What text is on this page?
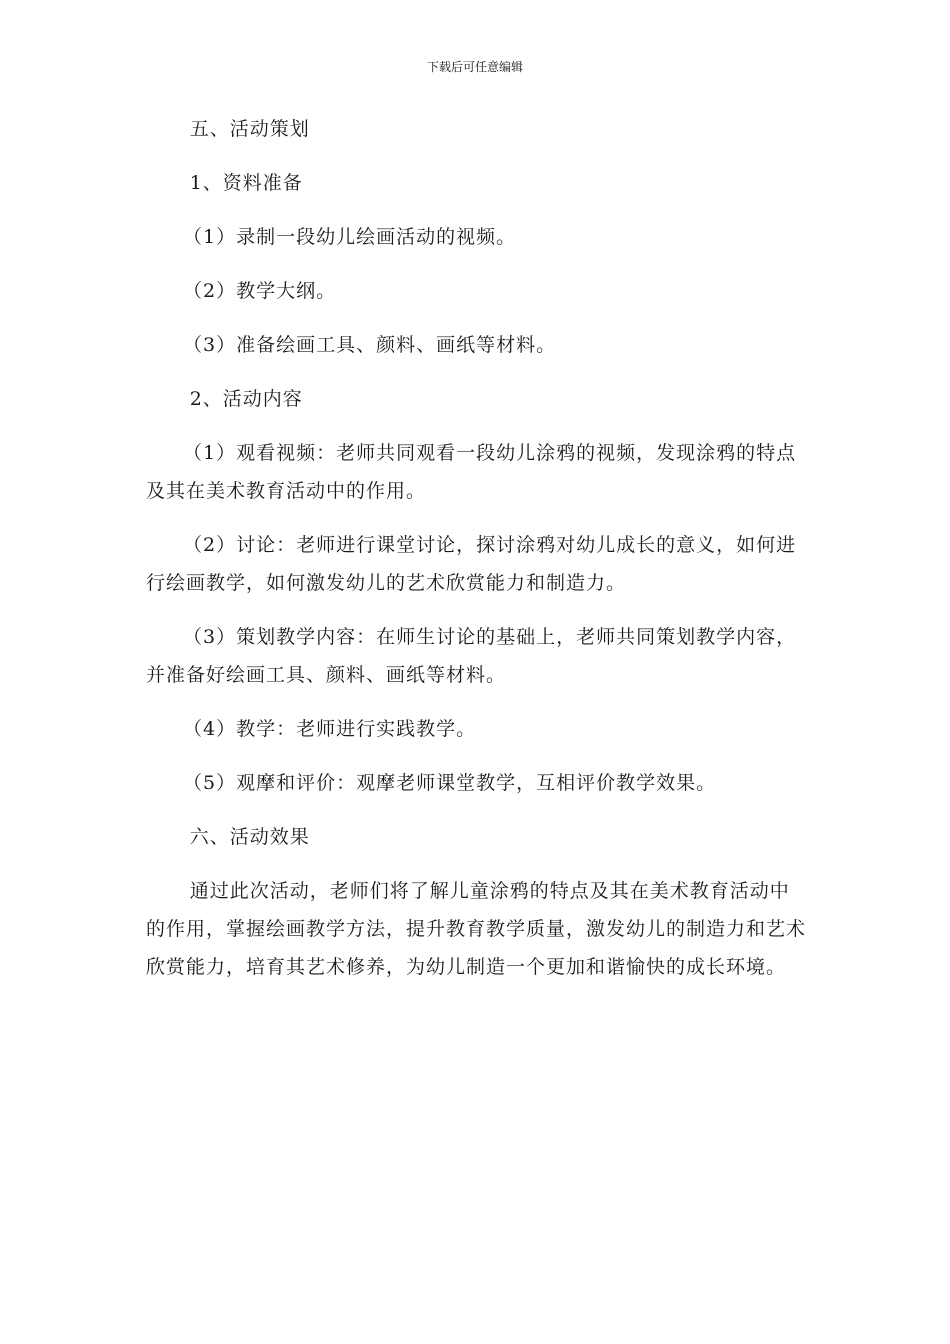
下载后可任意编辑

五、活动策划

1、资料准备

（1）录制一段幼儿绘画活动的视频。

（2）教学大纲。

（3）准备绘画工具、颜料、画纸等材料。

2、活动内容

（1）观看视频：老师共同观看一段幼儿涂鸦的视频，发现涂鸦的特点及其在美术教育活动中的作用。

（2）讨论：老师进行课堂讨论，探讨涂鸦对幼儿成长的意义，如何进行绘画教学，如何激发幼儿的艺术欣赏能力和制造力。

（3）策划教学内容：在师生讨论的基础上，老师共同策划教学内容，并准备好绘画工具、颜料、画纸等材料。

（4）教学：老师进行实践教学。

（5）观摩和评价：观摩老师课堂教学，互相评价教学效果。

六、活动效果

通过此次活动，老师们将了解儿童涂鸦的特点及其在美术教育活动中的作用，掌握绘画教学方法，提升教育教学质量，激发幼儿的制造力和艺术欣赏能力，培育其艺术修养，为幼儿制造一个更加和谐愉快的成长环境。
